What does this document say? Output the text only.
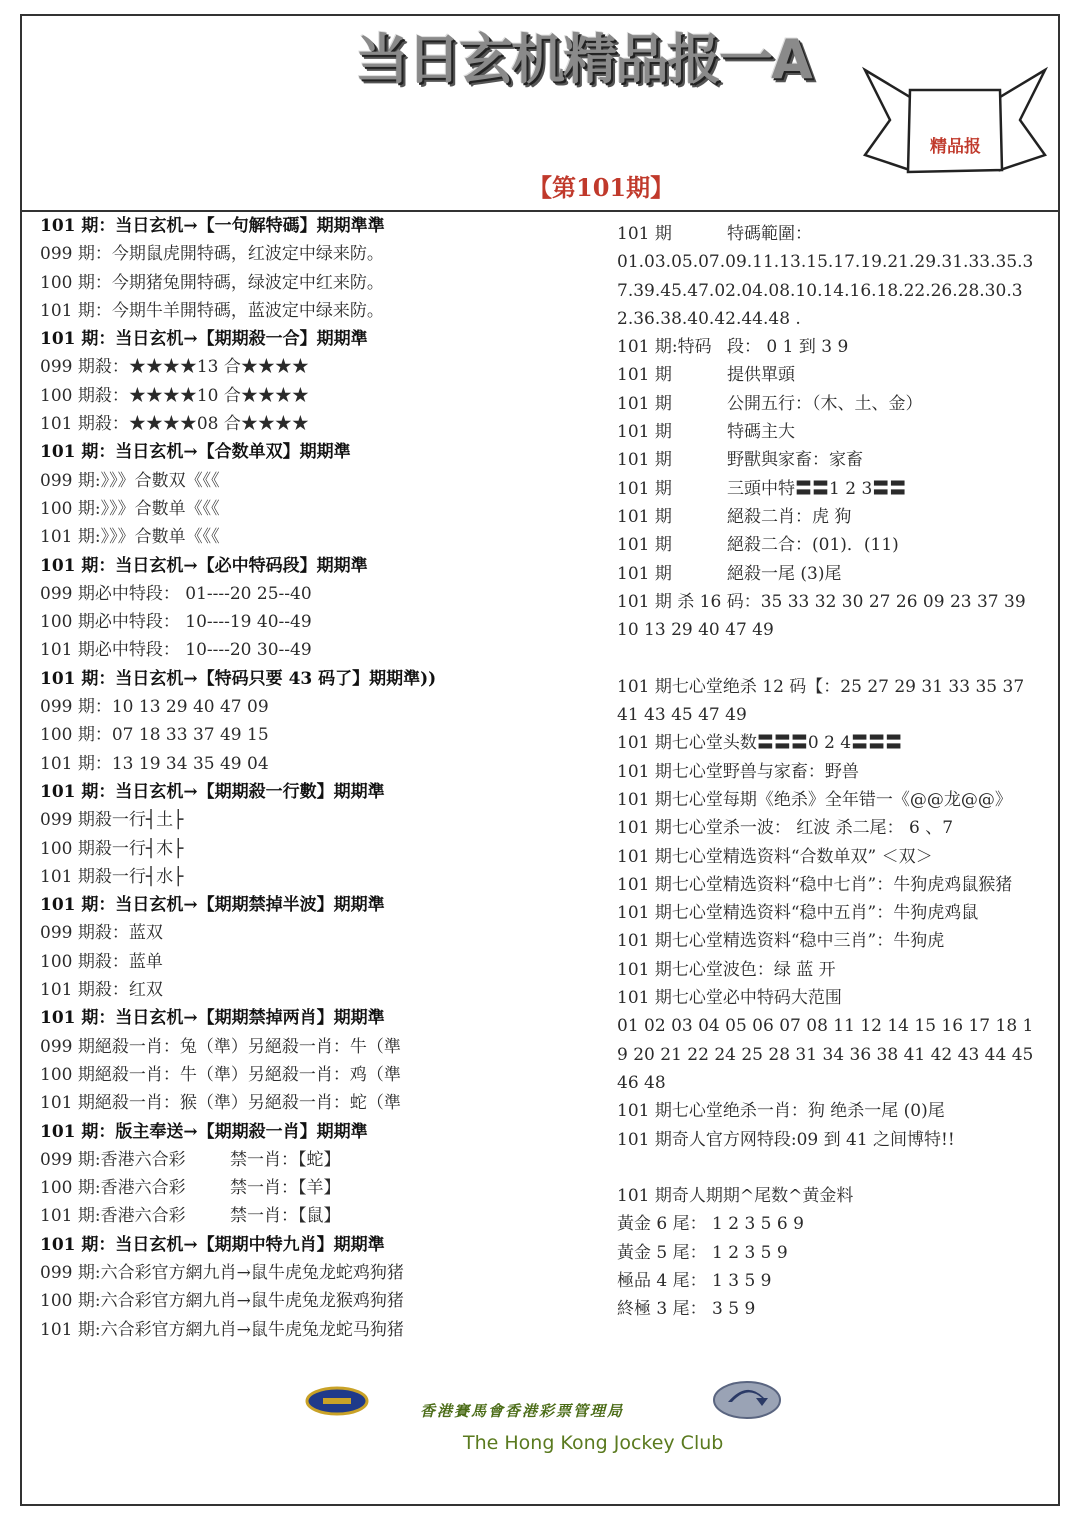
当日玄机精品报一A
精品报
【第101期】
101 期：当日玄机→【一句解特碼】期期準準
099 期：今期鼠虎開特碼，红波定中绿来防。
100 期：今期猪兔開特碼，绿波定中红来防。
101 期：今期牛羊開特碼，蓝波定中绿来防。
101 期：当日玄机→【期期殺一合】期期準
099 期殺：★★★★13 合★★★★
100 期殺：★★★★10 合★★★★
101 期殺：★★★★08 合★★★★
101 期：当日玄机→【合数单双】期期準
099 期:》》》合數双《《《
100 期:》》》合數单《《《
101 期:》》》合數单《《《
101 期：当日玄机→【必中特码段】期期準
099 期必中特段： 01----20 25--40
100 期必中特段： 10----19 40--49
101 期必中特段： 10----20 30--49
101 期：当日玄机→【特码只要 43 码了】期期準))
099 期：10 13 29 40 47 09
100 期：07 18 33 37 49 15
101 期：13 19 34 35 49 04
101 期：当日玄机→【期期殺一行數】期期準
099 期殺一行┤土├
100 期殺一行┤木├
101 期殺一行┤水├
101 期：当日玄机→【期期禁掉半波】期期準
099 期殺：蓝双
100 期殺：蓝单
101 期殺：红双
101 期：当日玄机→【期期禁掉两肖】期期準
099 期絕殺一肖：兔（準）另絕殺一肖：牛（準
100 期絕殺一肖：牛（準）另絕殺一肖：鸡（準
101 期絕殺一肖：猴（準）另絕殺一肖：蛇（準
101 期：版主奉送→【期期殺一肖】期期準
099 期:香港六合彩	禁一肖：【蛇】
100 期:香港六合彩	禁一肖：【羊】
101 期:香港六合彩	禁一肖：【鼠】
101 期：当日玄机→【期期中特九肖】期期準
099 期:六合彩官方網九肖→鼠牛虎兔龙蛇鸡狗猪
100 期:六合彩官方網九肖→鼠牛虎兔龙猴鸡狗猪
101 期:六合彩官方網九肖→鼠牛虎兔龙蛇马狗猪
101 期	特碼範圍：
01.03.05.07.09.11.13.15.17.19.21.29.31.33.35.37.39.45.47.02.04.08.10.14.16.18.22.26.28.30.32.36.38.40.42.44.48 .
101 期:特码 段： 0 1 到 3 9
101 期	提供單頭
101 期	公開五行：（木、土、金）
101 期	特碼主大
101 期	野獸與家畜：家畜
101 期	三頭中特〓〓1 2 3〓〓
101 期	絕殺二肖：虎 狗
101 期	絕殺二合：(01)．(11)
101 期	絕殺一尾 (3)尾
101 期 杀 16 码：35 33 32 30 27 26 09 23 37 39 10 13 29 40 47 49
101 期七心堂绝杀 12 码【：25 27 29 31 33 35 37 41 43 45 47 49
101 期七心堂头数〓〓〓0 2 4〓〓〓
101 期七心堂野兽与家畜：野兽
101 期七心堂每期《绝杀》全年错一《@@龙@@》
101 期七心堂杀一波： 红波 杀二尾： 6 、7
101 期七心堂精选资料“合数单双” ＜双＞
101 期七心堂精选资料“稳中七肖”：牛狗虎鸡鼠猴猪
101 期七心堂精选资料“稳中五肖”：牛狗虎鸡鼠
101 期七心堂精选资料“稳中三肖”：牛狗虎
101 期七心堂波色：绿 蓝 开
101 期七心堂必中特码大范围
01 02 03 04 05 06 07 08 11 12 14 15 16 17 18 19 20 21 22 24 25 28 31 34 36 38 41 42 43 44 45 46 48
101 期七心堂绝杀一肖：狗 绝杀一尾 (0)尾
101 期奇人官方网特段:09 到 41 之间博特!!
101 期奇人期期^尾数^黄金料
黃金 6 尾： 1 2 3 5 6 9
黃金 5 尾： 1 2 3 5 9
極品 4 尾： 1 3 5 9
終極 3 尾： 3 5 9
香港賽馬會香港彩票管理局
The Hong Kong Jockey Club
